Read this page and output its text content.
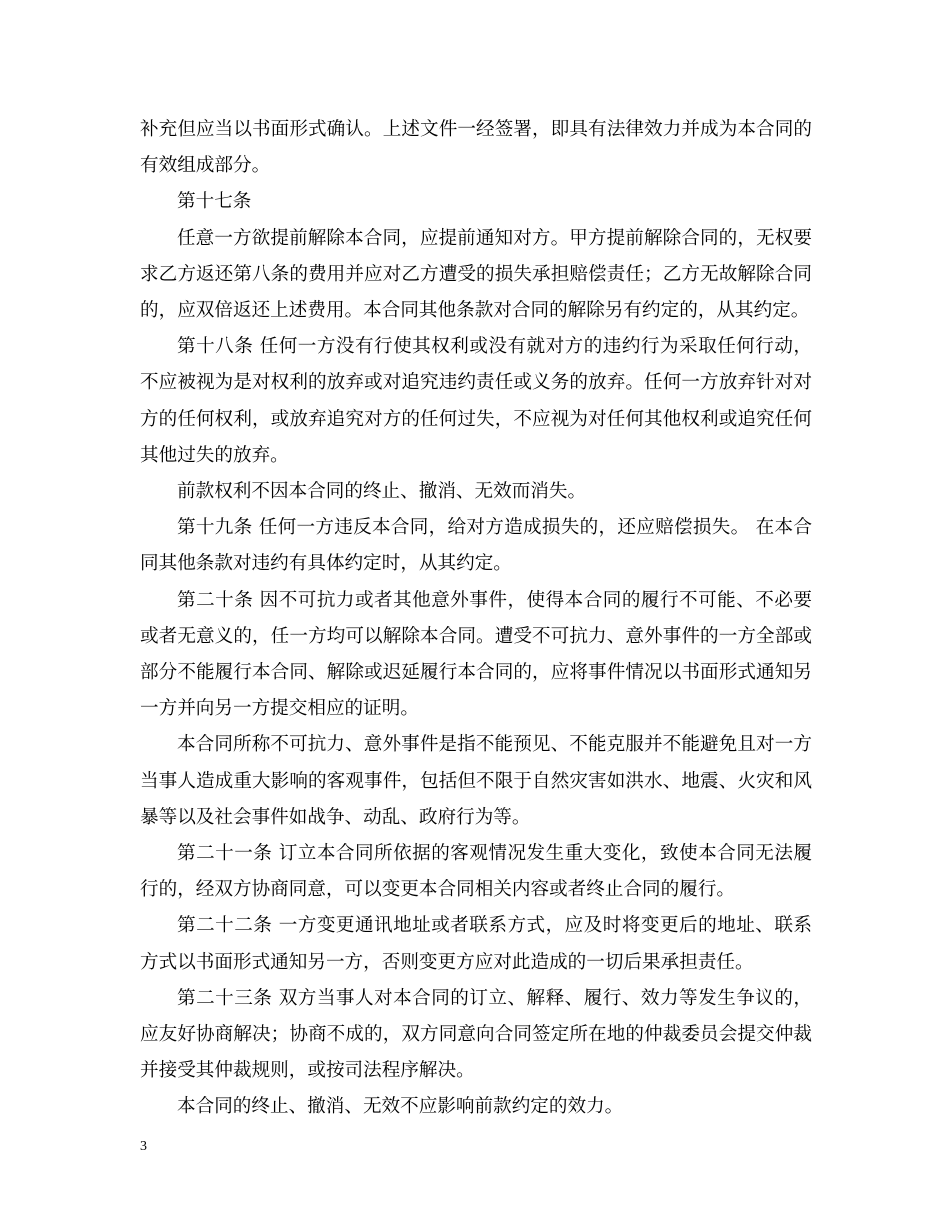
补充但应当以书面形式确认。上述文件一经签署，即具有法律效力并成为本合同的有效组成部分。

第十七条

任意一方欲提前解除本合同，应提前通知对方。甲方提前解除合同的，无权要求乙方返还第八条的费用并应对乙方遭受的损失承担赔偿责任；乙方无故解除合同的，应双倍返还上述费用。本合同其他条款对合同的解除另有约定的，从其约定。

第十八条 任何一方没有行使其权利或没有就对方的违约行为采取任何行动，不应被视为是对权利的放弃或对追究违约责任或义务的放弃。任何一方放弃针对对方的任何权利，或放弃追究对方的任何过失，不应视为对任何其他权利或追究任何其他过失的放弃。

前款权利不因本合同的终止、撤消、无效而消失。

第十九条 任何一方违反本合同，给对方造成损失的，还应赔偿损失。 在本合同其他条款对违约有具体约定时，从其约定。

第二十条 因不可抗力或者其他意外事件，使得本合同的履行不可能、不必要或者无意义的，任一方均可以解除本合同。遭受不可抗力、意外事件的一方全部或部分不能履行本合同、解除或迟延履行本合同的，应将事件情况以书面形式通知另一方并向另一方提交相应的证明。

本合同所称不可抗力、意外事件是指不能预见、不能克服并不能避免且对一方当事人造成重大影响的客观事件，包括但不限于自然灾害如洪水、地震、火灾和风暴等以及社会事件如战争、动乱、政府行为等。

第二十一条 订立本合同所依据的客观情况发生重大变化，致使本合同无法履行的，经双方协商同意，可以变更本合同相关内容或者终止合同的履行。

第二十二条 一方变更通讯地址或者联系方式，应及时将变更后的地址、联系方式以书面形式通知另一方，否则变更方应对此造成的一切后果承担责任。

第二十三条 双方当事人对本合同的订立、解释、履行、效力等发生争议的，应友好协商解决；协商不成的，双方同意向合同签定所在地的仲裁委员会提交仲裁并接受其仲裁规则，或按司法程序解决。

本合同的终止、撤消、无效不应影响前款约定的效力。

3
